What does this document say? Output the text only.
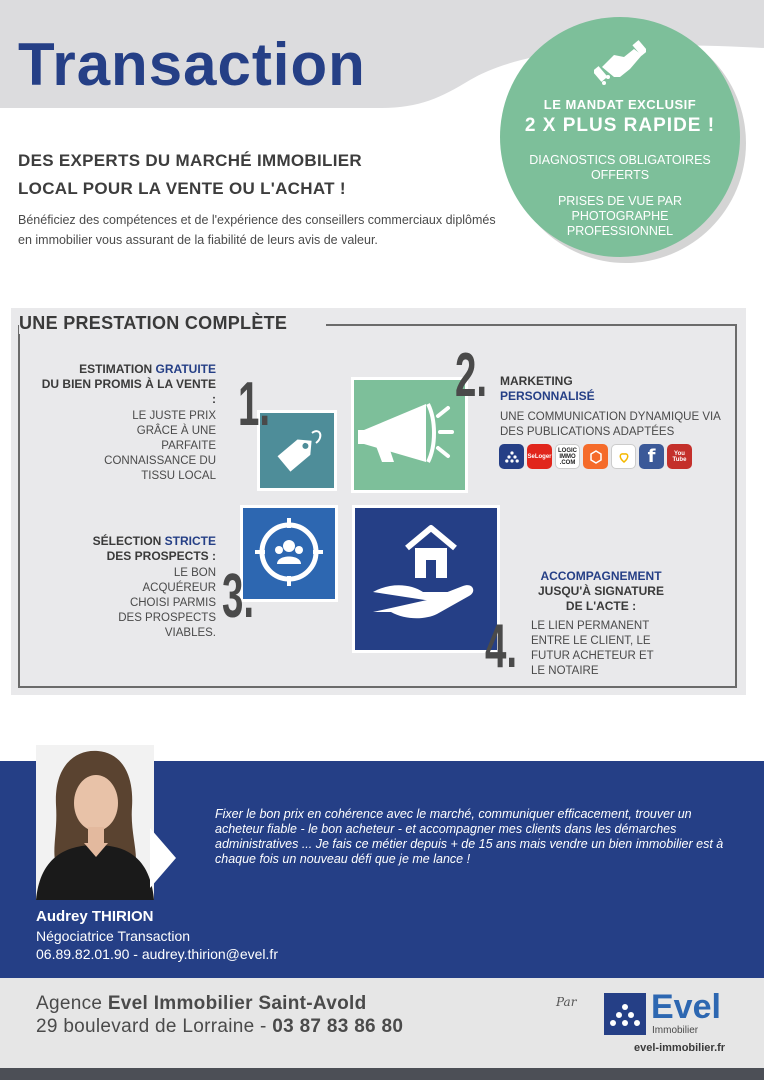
Transaction
LE MANDAT EXCLUSIF
2 X PLUS RAPIDE !
DIAGNOSTICS OBLIGATOIRES OFFERTS
PRISES DE VUE PAR PHOTOGRAPHE PROFESSIONNEL
DES EXPERTS DU MARCHÉ IMMOBILIER
LOCAL POUR LA VENTE OU L'ACHAT !
Bénéficiez des compétences et de l'expérience des conseillers commerciaux diplômés en immobilier vous assurant de la fiabilité de leurs avis de valeur.
UNE PRESTATION COMPLÈTE
1.	2.
3.
4.
ESTIMATION GRATUITE
DU BIEN PROMIS À LA VENTE :
LE JUSTE PRIX GRÂCE À UNE PARFAITE CONNAISSANCE DU TISSU LOCAL
MARKETING
PERSONNALISÉ
UNE COMMUNICATION DYNAMIQUE VIA DES PUBLICATIONS ADAPTÉES
SeLoger
LOGIC IMMO .COM	f	You Tube
SÉLECTION STRICTE
DES PROSPECTS :
LE BON ACQUÉREUR CHOISI PARMIS DES PROSPECTS VIABLES.
ACCOMPAGNEMENT
JUSQU'À SIGNATURE DE L'ACTE :
LE LIEN PERMANENT ENTRE LE CLIENT, LE FUTUR ACHETEUR ET LE NOTAIRE
Fixer le bon prix en cohérence avec le marché, communiquer efficacement, trouver un acheteur fiable - le bon acheteur - et accompagner mes clients dans les démarches administratives ... Je fais ce métier depuis + de 15 ans mais vendre un bien immobilier est à chaque fois un nouveau défi que je me lance !
Audrey THIRION
Négociatrice Transaction
06.89.82.01.90 - audrey.thirion@evel.fr
Agence Evel Immobilier Saint-Avold
29 boulevard de Lorraine - 03 87 83 86 80
Par Evel
Immobilier
evel-immobilier.fr
